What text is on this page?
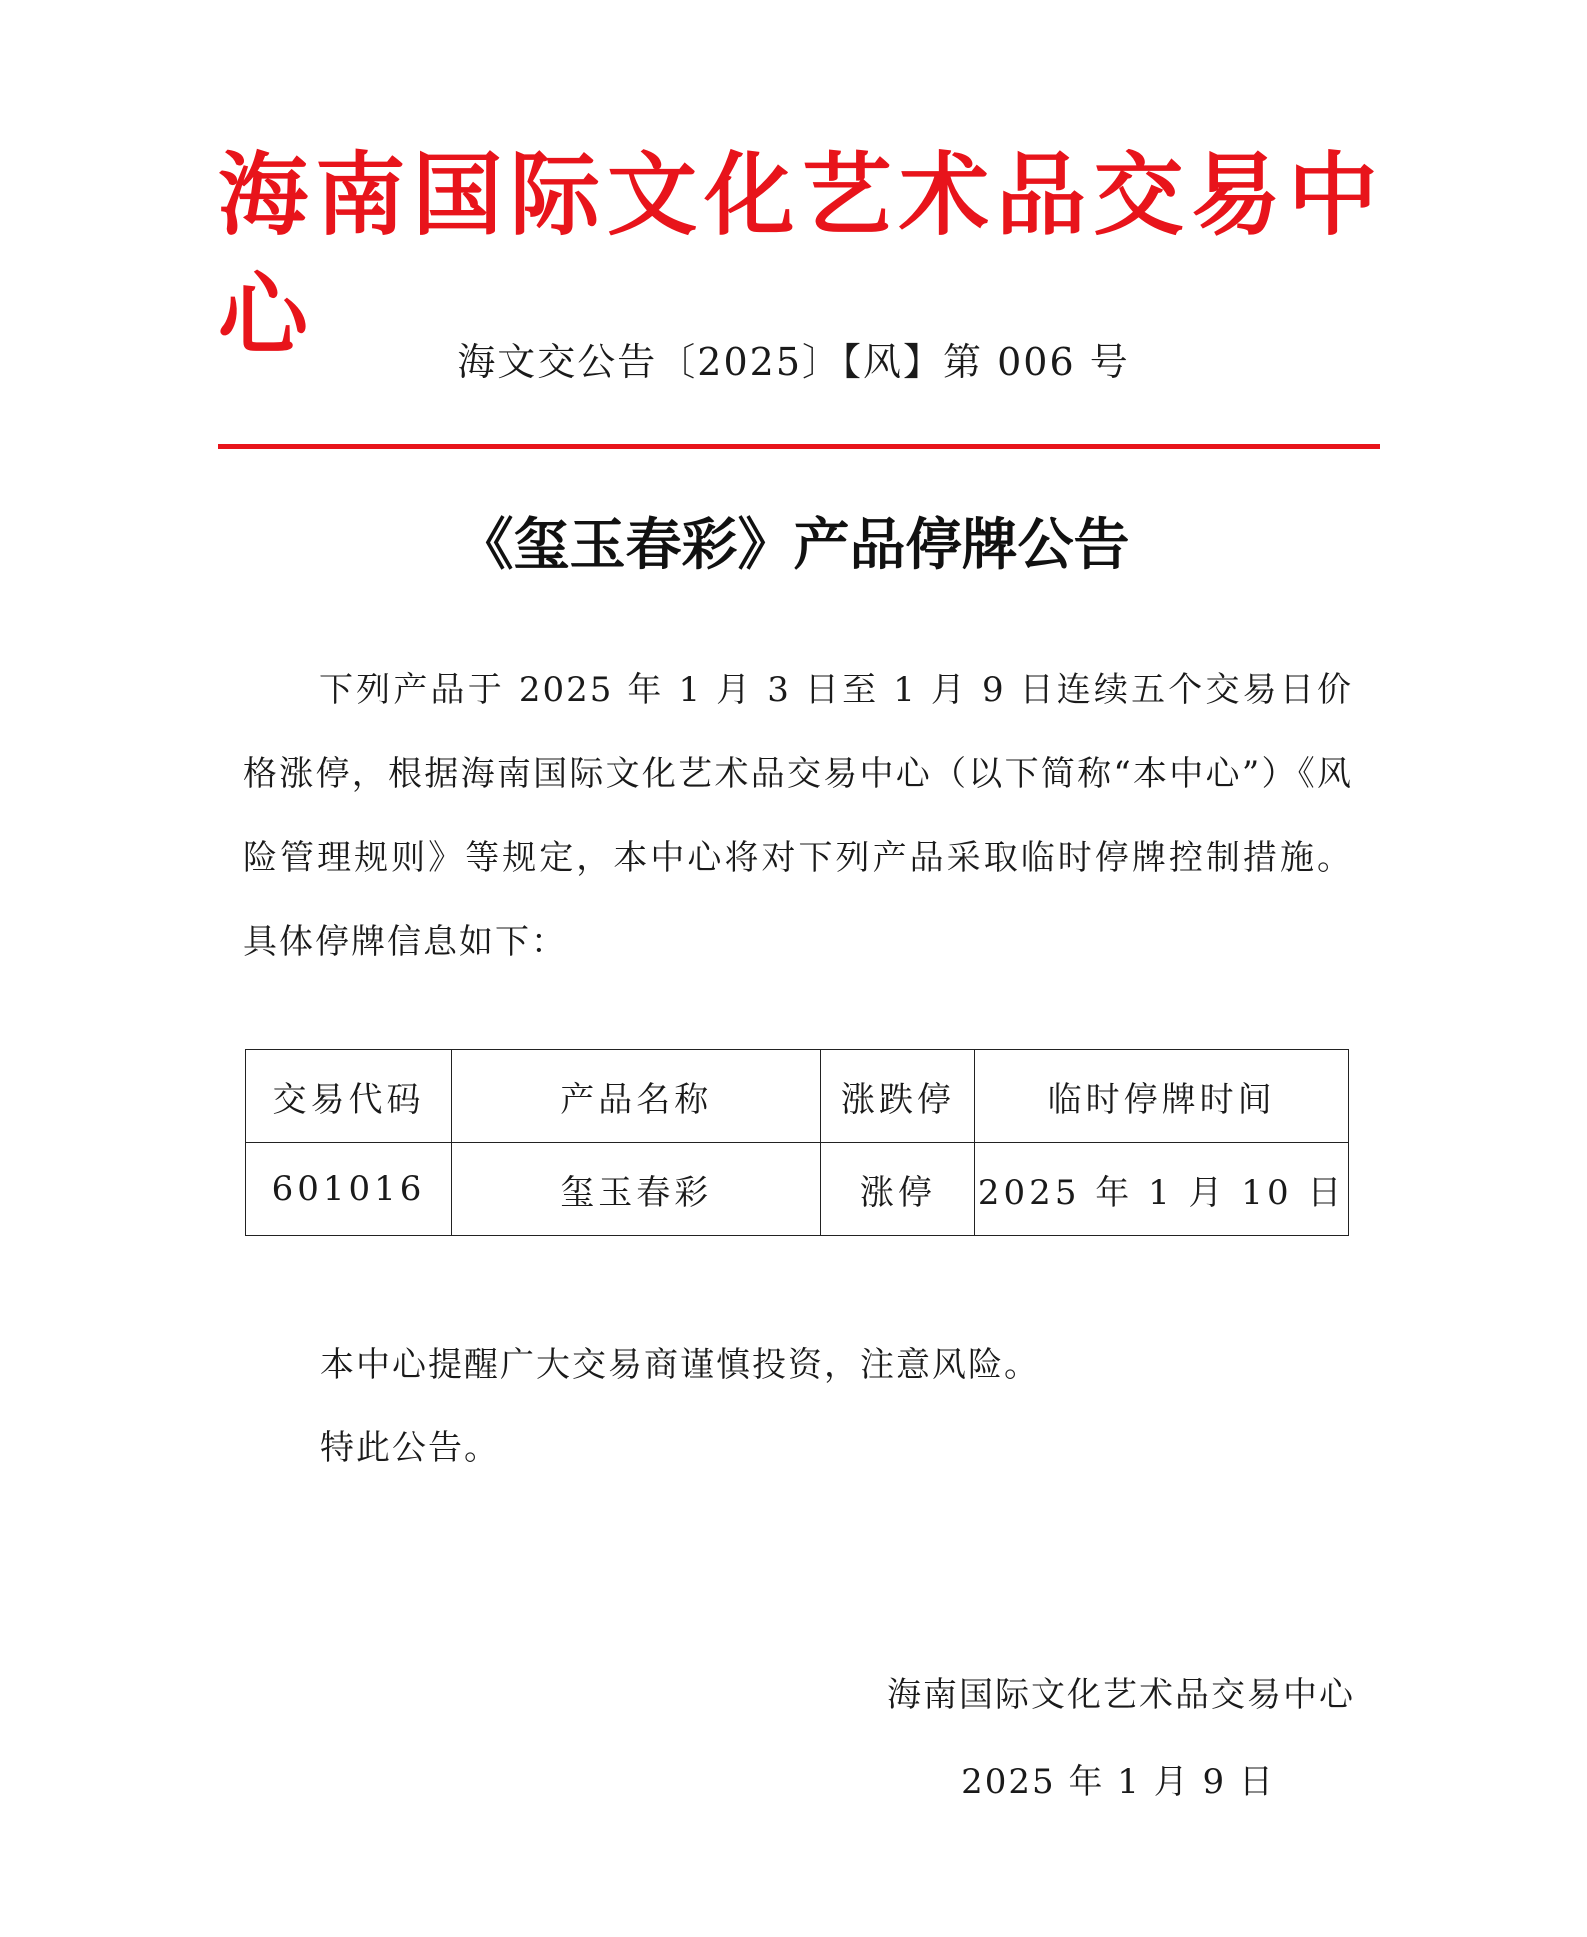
海南国际文化艺术品交易中心	海文交公告〔2025〕【风】第 006 号
《玺玉春彩》产品停牌公告
下列产品于 2025 年 1 月 3 日至 1 月 9 日连续五个交易日价格涨停，根据海南国际文化艺术品交易中心（以下简称“本中心”）《风险管理规则》等规定，本中心将对下列产品采取临时停牌控制措施。具体停牌信息如下：
交易代码	产品名称	涨跌停	临时停牌时间
601016	玺玉春彩	涨停	2025 年 1 月 10 日
本中心提醒广大交易商谨慎投资，注意风险。
特此公告。
海南国际文化艺术品交易中心
2025 年 1 月 9 日
